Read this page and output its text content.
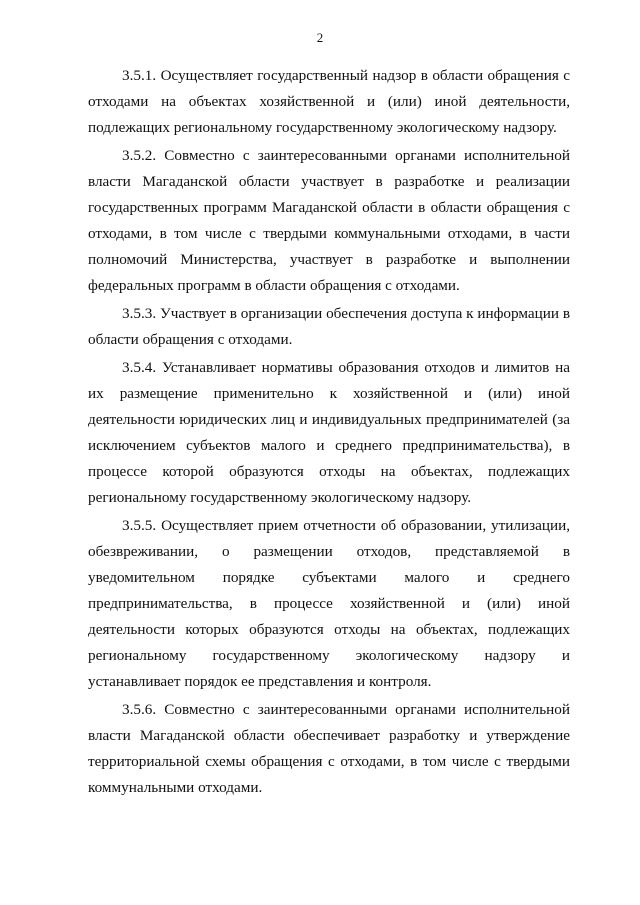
2

3.5.1. Осуществляет государственный надзор в области обращения с отходами на объектах хозяйственной и (или) иной деятельности, подлежащих региональному государственному экологическому надзору.

3.5.2. Совместно с заинтересованными органами исполнительной власти Магаданской области участвует в разработке и реализации государственных программ Магаданской области в области обращения с отходами, в том числе с твердыми коммунальными отходами, в части полномочий Министерства, участвует в разработке и выполнении федеральных программ в области обращения с отходами.

3.5.3. Участвует в организации обеспечения доступа к информации в области обращения с отходами.

3.5.4. Устанавливает нормативы образования отходов и лимитов на их размещение применительно к хозяйственной и (или) иной деятельности юридических лиц и индивидуальных предпринимателей (за исключением субъектов малого и среднего предпринимательства), в процессе которой образуются отходы на объектах, подлежащих региональному государственному экологическому надзору.

3.5.5. Осуществляет прием отчетности об образовании, утилизации, обезвреживании, о размещении отходов, представляемой в уведомительном порядке субъектами малого и среднего предпринимательства, в процессе хозяйственной и (или) иной деятельности которых образуются отходы на объектах, подлежащих региональному государственному экологическому надзору и устанавливает порядок ее представления и контроля.

3.5.6. Совместно с заинтересованными органами исполнительной власти Магаданской области обеспечивает разработку и утверждение территориальной схемы обращения с отходами, в том числе с твердыми коммунальными отходами.
